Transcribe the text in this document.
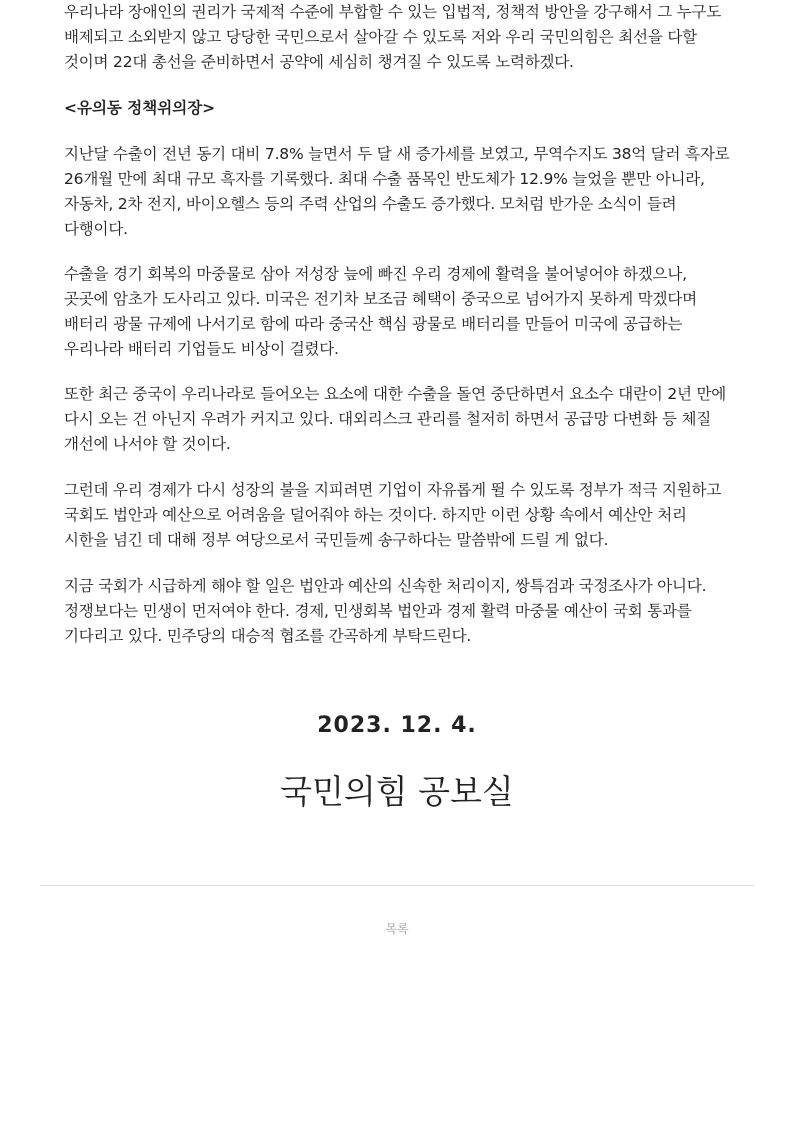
우리나라 장애인의 권리가 국제적 수준에 부합할 수 있는 입법적, 정책적 방안을 강구해서 그 누구도 배제되고 소외받지 않고 당당한 국민으로서 살아갈 수 있도록 저와 우리 국민의힘은 최선을 다할 것이며 22대 총선을 준비하면서 공약에 세심히 챙겨질 수 있도록 노력하겠다.

<유의동 정책위의장>

지난달 수출이 전년 동기 대비 7.8% 늘면서 두 달 새 증가세를 보였고, 무역수지도 38억 달러 흑자로 26개월 만에 최대 규모 흑자를 기록했다. 최대 수출 품목인 반도체가 12.9% 늘었을 뿐만 아니라, 자동차, 2차 전지, 바이오헬스 등의 주력 산업의 수출도 증가했다. 모처럼 반가운 소식이 들려 다행이다.

수출을 경기 회복의 마중물로 삼아 저성장 늪에 빠진 우리 경제에 활력을 불어넣어야 하겠으나, 곳곳에 암초가 도사리고 있다. 미국은 전기차 보조금 혜택이 중국으로 넘어가지 못하게 막겠다며 배터리 광물 규제에 나서기로 함에 따라 중국산 핵심 광물로 배터리를 만들어 미국에 공급하는 우리나라 배터리 기업들도 비상이 걸렸다.

또한 최근 중국이 우리나라로 들어오는 요소에 대한 수출을 돌연 중단하면서 요소수 대란이 2년 만에 다시 오는 건 아닌지 우려가 커지고 있다. 대외리스크 관리를 철저히 하면서 공급망 다변화 등 체질 개선에 나서야 할 것이다.

그런데 우리 경제가 다시 성장의 불을 지피려면 기업이 자유롭게 뛸 수 있도록 정부가 적극 지원하고 국회도 법안과 예산으로 어려움을 덜어줘야 하는 것이다. 하지만 이런 상황 속에서 예산안 처리 시한을 넘긴 데 대해 정부 여당으로서 국민들께 송구하다는 말씀밖에 드릴 게 없다.

지금 국회가 시급하게 해야 할 일은 법안과 예산의 신속한 처리이지, 쌍특검과 국정조사가 아니다. 정쟁보다는 민생이 먼저여야 한다. 경제, 민생회복 법안과 경제 활력 마중물 예산이 국회 통과를 기다리고 있다. 민주당의 대승적 협조를 간곡하게 부탁드린다.

2023. 12. 4.
국민의힘 공보실
목록
